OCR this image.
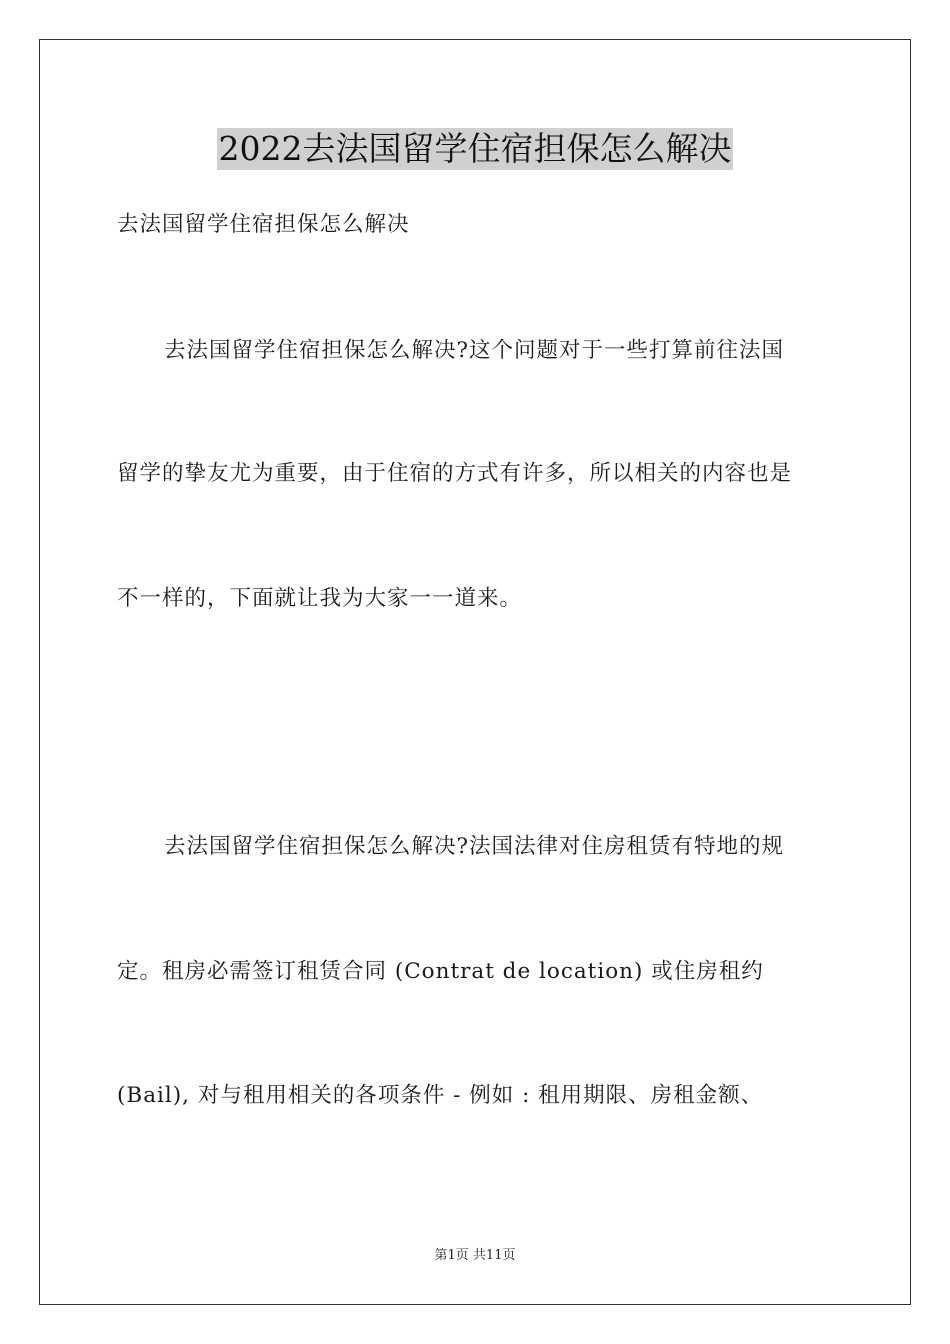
2022去法国留学住宿担保怎么解决
去法国留学住宿担保怎么解决
去法国留学住宿担保怎么解决?这个问题对于一些打算前往法国
留学的挚友尤为重要，由于住宿的方式有许多，所以相关的内容也是
不一样的，下面就让我为大家一一道来。
去法国留学住宿担保怎么解决?法国法律对住房租赁有特地的规
定。租房必需签订租赁合同 (Contrat de location) 或住房租约
(Bail), 对与租用相关的各项条件 - 例如 : 租用期限、房租金额、
第1页 共11页
